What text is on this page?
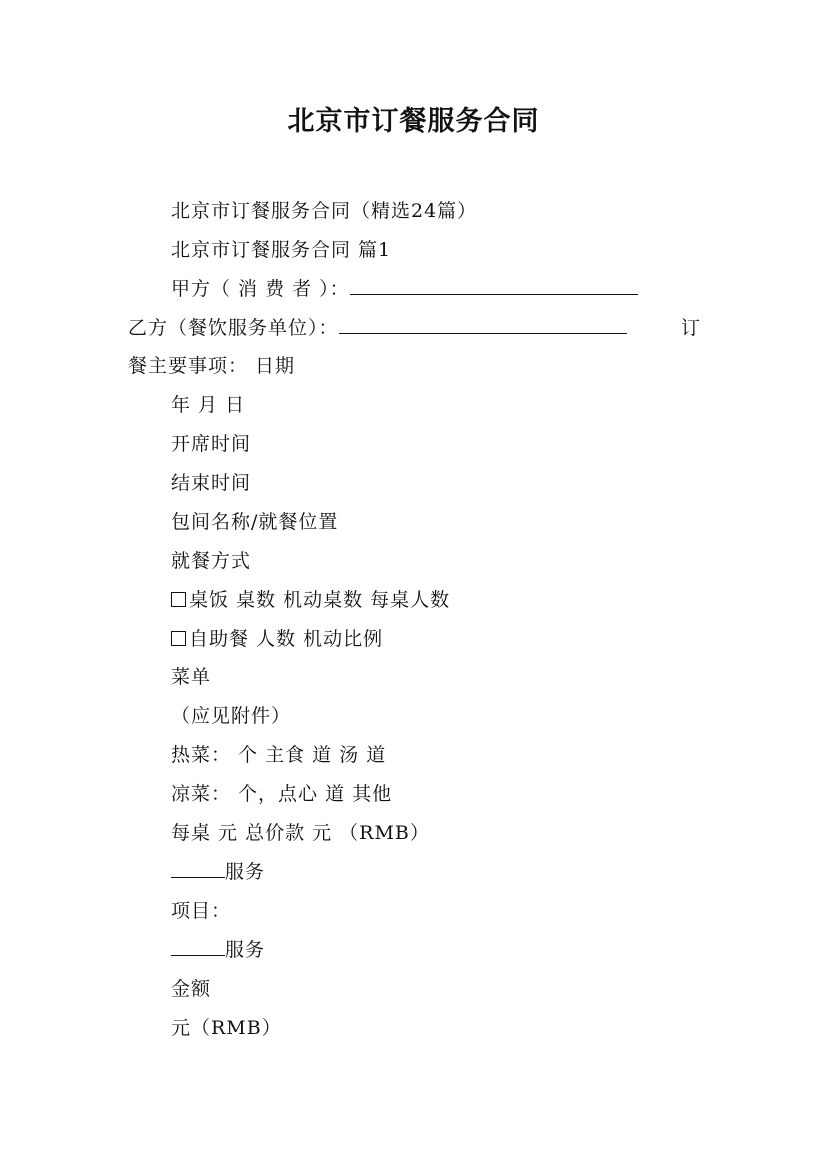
北京市订餐服务合同
北京市订餐服务合同（精选24篇）
北京市订餐服务合同 篇1
甲方（ 消 费 者 ）：
乙方（餐饮服务单位）：	订
餐主要事项： 日期
年 月 日
开席时间
结束时间
包间名称/就餐位置
就餐方式
桌饭 桌数 机动桌数 每桌人数
自助餐 人数 机动比例
菜单
（应见附件）
热菜： 个 主食 道 汤 道
凉菜： 个，点心 道 其他
每桌 元 总价款 元 （RMB）
服务
项目：
服务
金额
元（RMB）
